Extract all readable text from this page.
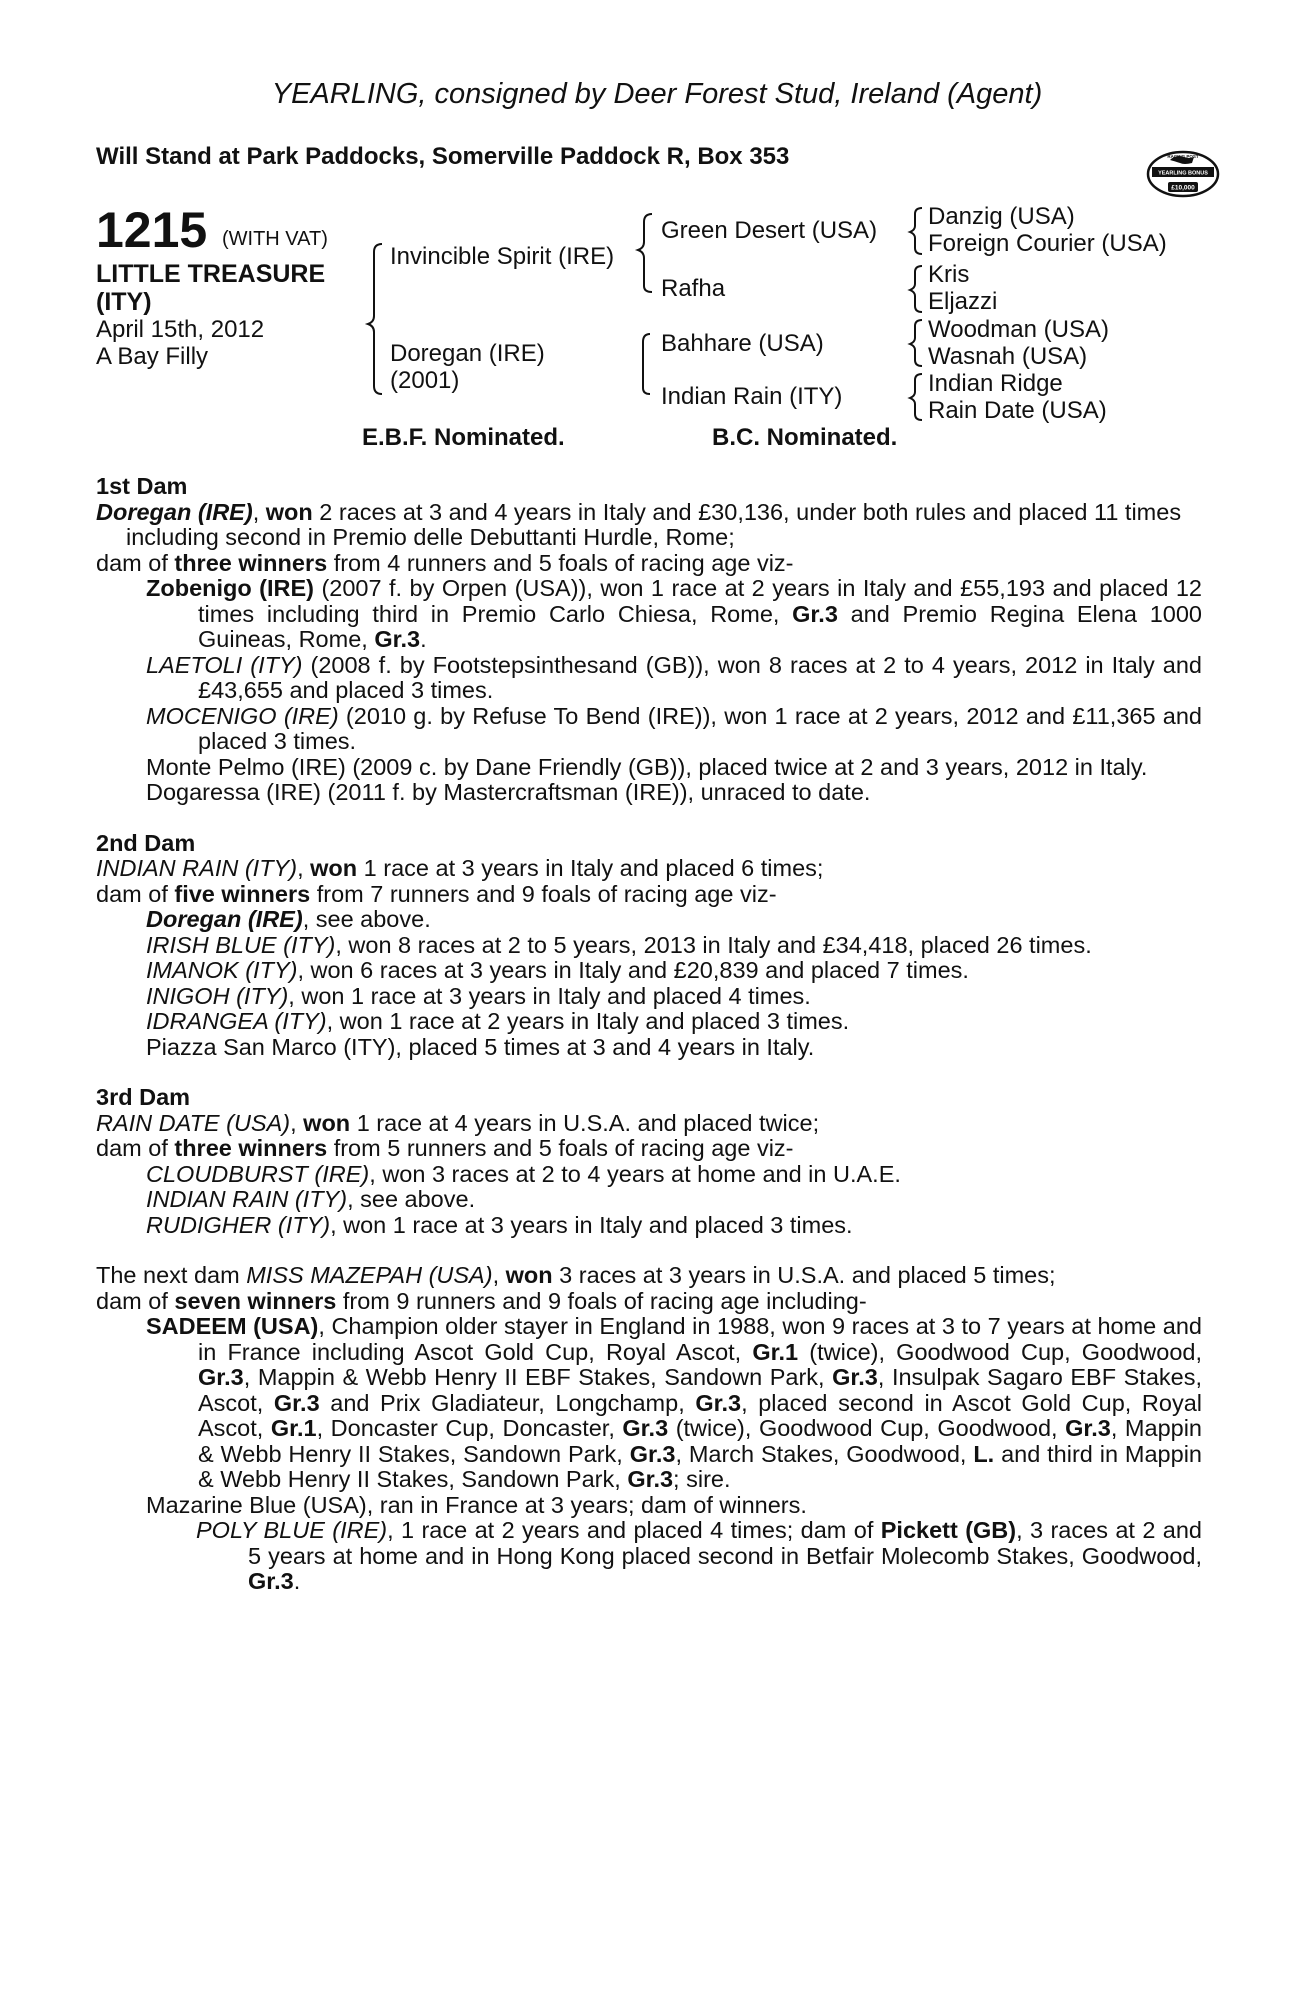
YEARLING, consigned by Deer Forest Stud, Ireland (Agent)
Will Stand at Park Paddocks, Somerville Paddock R, Box 353	RACING POST
YEARLING BONUS
£10,000
1215 (WITH VAT)
LITTLE TREASURE
(ITY)
April 15th, 2012
A Bay Filly
Invincible Spirit (IRE)
Doregan (IRE)
(2001)
Green Desert (USA)
Rafha
Bahhare (USA)
Indian Rain (ITY)
Danzig (USA)
Foreign Courier (USA)
Kris
Eljazzi
Woodman (USA)
Wasnah (USA)
Indian Ridge
Rain Date (USA)
E.B.F. Nominated.	B.C. Nominated.
1st Dam

Doregan (IRE), won 2 races at 3 and 4 years in Italy and £30,136, under both rules and placed 11 times including second in Premio delle Debuttanti Hurdle, Rome;

dam of three winners from 4 runners and 5 foals of racing age viz-

Zobenigo (IRE) (2007 f. by Orpen (USA)), won 1 race at 2 years in Italy and £55,193 and placed 12 times including third in Premio Carlo Chiesa, Rome, Gr.3 and Premio Regina Elena 1000 Guineas, Rome, Gr.3.

LAETOLI (ITY) (2008 f. by Footstepsinthesand (GB)), won 8 races at 2 to 4 years, 2012 in Italy and £43,655 and placed 3 times.

MOCENIGO (IRE) (2010 g. by Refuse To Bend (IRE)), won 1 race at 2 years, 2012 and £11,365 and placed 3 times.

Monte Pelmo (IRE) (2009 c. by Dane Friendly (GB)), placed twice at 2 and 3 years, 2012 in Italy.

Dogaressa (IRE) (2011 f. by Mastercraftsman (IRE)), unraced to date.

2nd Dam

INDIAN RAIN (ITY), won 1 race at 3 years in Italy and placed 6 times;

dam of five winners from 7 runners and 9 foals of racing age viz-

Doregan (IRE), see above.

IRISH BLUE (ITY), won 8 races at 2 to 5 years, 2013 in Italy and £34,418, placed 26 times.

IMANOK (ITY), won 6 races at 3 years in Italy and £20,839 and placed 7 times.

INIGOH (ITY), won 1 race at 3 years in Italy and placed 4 times.

IDRANGEA (ITY), won 1 race at 2 years in Italy and placed 3 times.

Piazza San Marco (ITY), placed 5 times at 3 and 4 years in Italy.

3rd Dam

RAIN DATE (USA), won 1 race at 4 years in U.S.A. and placed twice;

dam of three winners from 5 runners and 5 foals of racing age viz-

CLOUDBURST (IRE), won 3 races at 2 to 4 years at home and in U.A.E.

INDIAN RAIN (ITY), see above.

RUDIGHER (ITY), won 1 race at 3 years in Italy and placed 3 times.

The next dam MISS MAZEPAH (USA), won 3 races at 3 years in U.S.A. and placed 5 times;

dam of seven winners from 9 runners and 9 foals of racing age including-

SADEEM (USA), Champion older stayer in England in 1988, won 9 races at 3 to 7 years at home and in France including Ascot Gold Cup, Royal Ascot, Gr.1 (twice), Goodwood Cup, Goodwood, Gr.3, Mappin & Webb Henry II EBF Stakes, Sandown Park, Gr.3, Insulpak Sagaro EBF Stakes, Ascot, Gr.3 and Prix Gladiateur, Longchamp, Gr.3, placed second in Ascot Gold Cup, Royal Ascot, Gr.1, Doncaster Cup, Doncaster, Gr.3 (twice), Goodwood Cup, Goodwood, Gr.3, Mappin & Webb Henry II Stakes, Sandown Park, Gr.3, March Stakes, Goodwood, L. and third in Mappin & Webb Henry II Stakes, Sandown Park, Gr.3; sire.

Mazarine Blue (USA), ran in France at 3 years; dam of winners.

POLY BLUE (IRE), 1 race at 2 years and placed 4 times; dam of Pickett (GB), 3 races at 2 and 5 years at home and in Hong Kong placed second in Betfair Molecomb Stakes, Goodwood, Gr.3.
